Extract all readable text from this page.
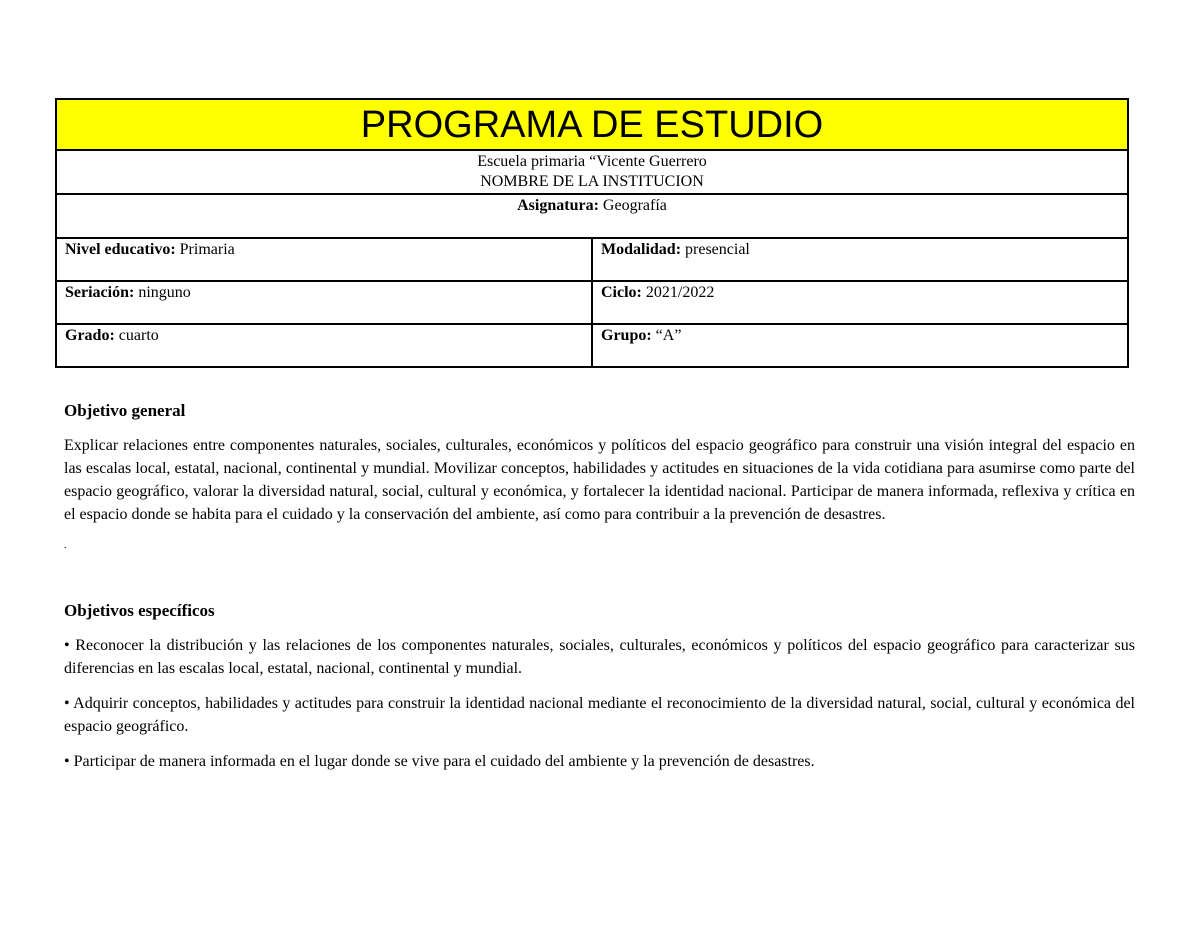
PROGRAMA DE ESTUDIO	

Escuela primaria “Vicente Guerrero
NOMBRE DE LA INSTITUCION	

Asignatura: Geografía	
Nivel educativo: Primaria	Modalidad: presencial
Seriación: ninguno	Ciclo: 2021/2022
Grado: cuarto	Grupo: “A”

Objetivo general

Explicar relaciones entre componentes naturales, sociales, culturales, económicos y políticos del espacio geográfico para construir una visión integral del espacio en las escalas local, estatal, nacional, continental y mundial. Movilizar conceptos, habilidades y actitudes en situaciones de la vida cotidiana para asumirse como parte del espacio geográfico, valorar la diversidad natural, social, cultural y económica, y fortalecer la identidad nacional. Participar de manera informada, reflexiva y crítica en el espacio donde se habita para el cuidado y la conservación del ambiente, así como para contribuir a la prevención de desastres.

.

Objetivos específicos

• Reconocer la distribución y las relaciones de los componentes naturales, sociales, culturales, económicos y políticos del espacio geográfico para caracterizar sus diferencias en las escalas local, estatal, nacional, continental y mundial.

• Adquirir conceptos, habilidades y actitudes para construir la identidad nacional mediante el reconocimiento de la diversidad natural, social, cultural y económica del espacio geográfico.

• Participar de manera informada en el lugar donde se vive para el cuidado del ambiente y la prevención de desastres.
